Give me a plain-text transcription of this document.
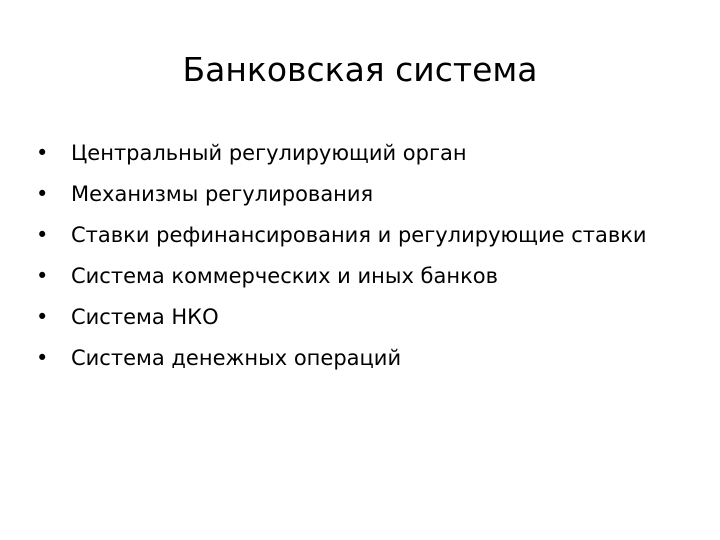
Банковская система
•	Центральный регулирующий орган
•	Механизмы регулирования
•	Ставки рефинансирования и регулирующие ставки
•	Система коммерческих и иных банков
•	Система НКО
•	Система денежных операций
